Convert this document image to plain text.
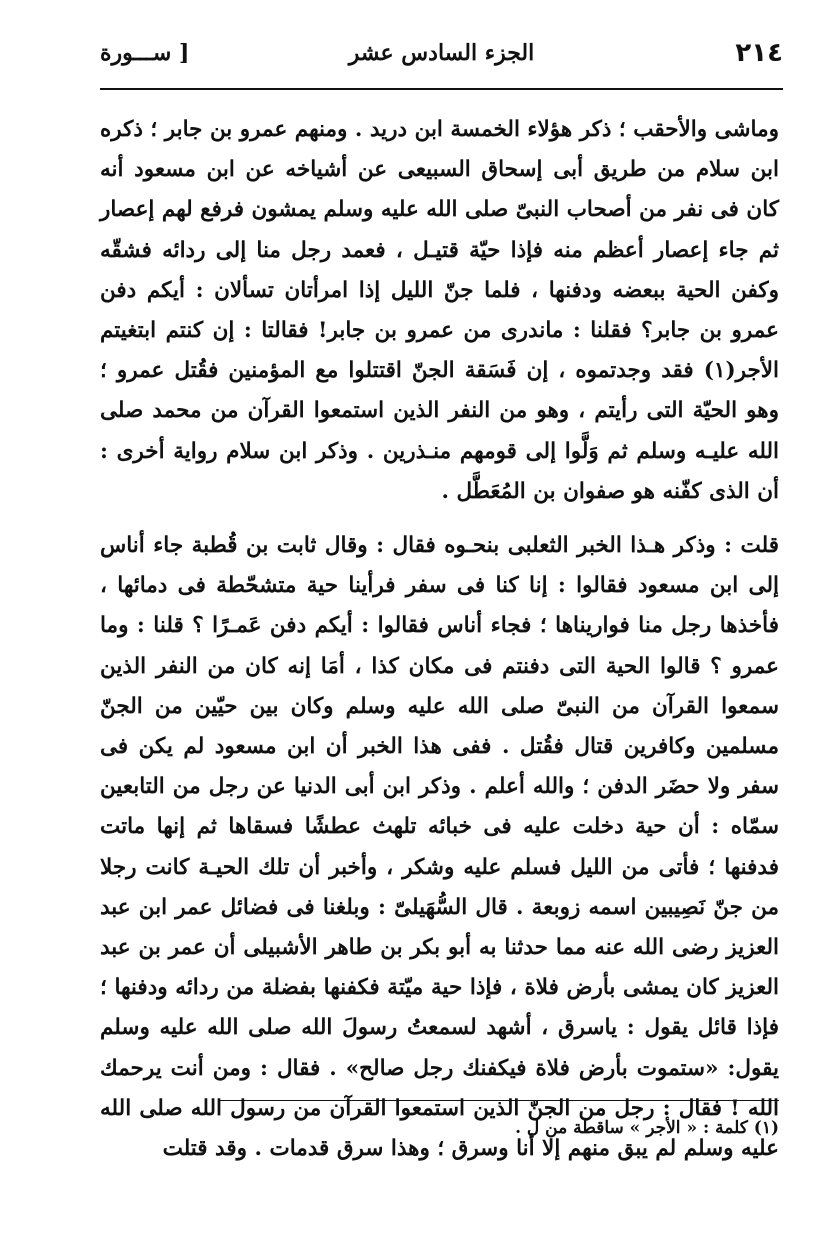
٢١٤
الجزء السادس عشر
[ ســـورة

وماشى والأحقب ؛ ذكر هؤلاء الخمسة ابن دريد . ومنهم عمرو بن جابر ؛ ذكره ابن سلام من طريق أبى إسحاق السبيعى عن أشياخه عن ابن مسعود أنه كان فى نفر من أصحاب النبىّ صلى الله عليه وسلم يمشون فرفع لهم إعصار ثم جاء إعصار أعظم منه فإذا حيّة قتيـل ، فعمد رجل منا إلى ردائه فشقّه وكفن الحية ببعضه ودفنها ، فلما جنّ الليل إذا امرأتان تسألان : أيكم دفن عمرو بن جابر؟ فقلنا : ماندرى من عمرو بن جابر! فقالتا : إن كنتم ابتغيتم الأجر(١) فقد وجدتموه ، إن فَسَقة الجنّ اقتتلوا مع المؤمنين فقُتل عمرو ؛ وهو الحيّة التى رأيتم ، وهو من النفر الذين استمعوا القرآن من محمد صلى الله عليـه وسلم ثم وَلَّوا إلى قومهم منـذرين . وذكر ابن سلام رواية أخرى : أن الذى كفّنه هو صفوان بن المُعَطَّل .

قلت : وذكر هـذا الخبر الثعلبى بنحـوه فقال : وقال ثابت بن قُطبة جاء أناس إلى ابن مسعود فقالوا : إنا كنا فى سفر فرأينا حية متشحّطة فى دمائها ، فأخذها رجل منا فواريناها ؛ فجاء أناس فقالوا : أيكم دفن عَمـرًا ؟ قلنا : وما عمرو ؟ قالوا الحية التى دفنتم فى مكان كذا ، أمَا إنه كان من النفر الذين سمعوا القرآن من النبىّ صلى الله عليه وسلم وكان بين حيّين من الجنّ مسلمين وكافرين قتال فقُتل . ففى هذا الخبر أن ابن مسعود لم يكن فى سفر ولا حضَر الدفن ؛ والله أعلم . وذكر ابن أبى الدنيا عن رجل من التابعين سمّاه : أن حية دخلت عليه فى خبائه تلهث عطشًا فسقاها ثم إنها ماتت فدفنها ؛ فأتى من الليل فسلم عليه وشكر ، وأخبر أن تلك الحيـة كانت رجلا من جنّ نَصِيبين اسمه زوبعة . قال السُّهَيلىّ : وبلغنا فى فضائل عمر ابن عبد العزيز رضى الله عنه مما حدثنا به أبو بكر بن طاهر الأشبيلى أن عمر بن عبد العزيز كان يمشى بأرض فلاة ، فإذا حية ميّتة فكفنها بفضلة من ردائه ودفنها ؛ فإذا قائل يقول : ياسرق ، أشهد لسمعتُ رسولَ الله صلى الله عليه وسلم يقول: «ستموت بأرض فلاة فيكفنك رجل صالح» . فقال : ومن أنت يرحمك الله ! فقال : رجل من الجنّ الذين استمعوا القرآن من رسول الله صلى الله عليه وسلم لم يبق منهم إلا أنا وسرق ؛ وهذا سرق قدمات . وقد قتلت

(١) كلمة : « الأجر » ساقطة من ل .
